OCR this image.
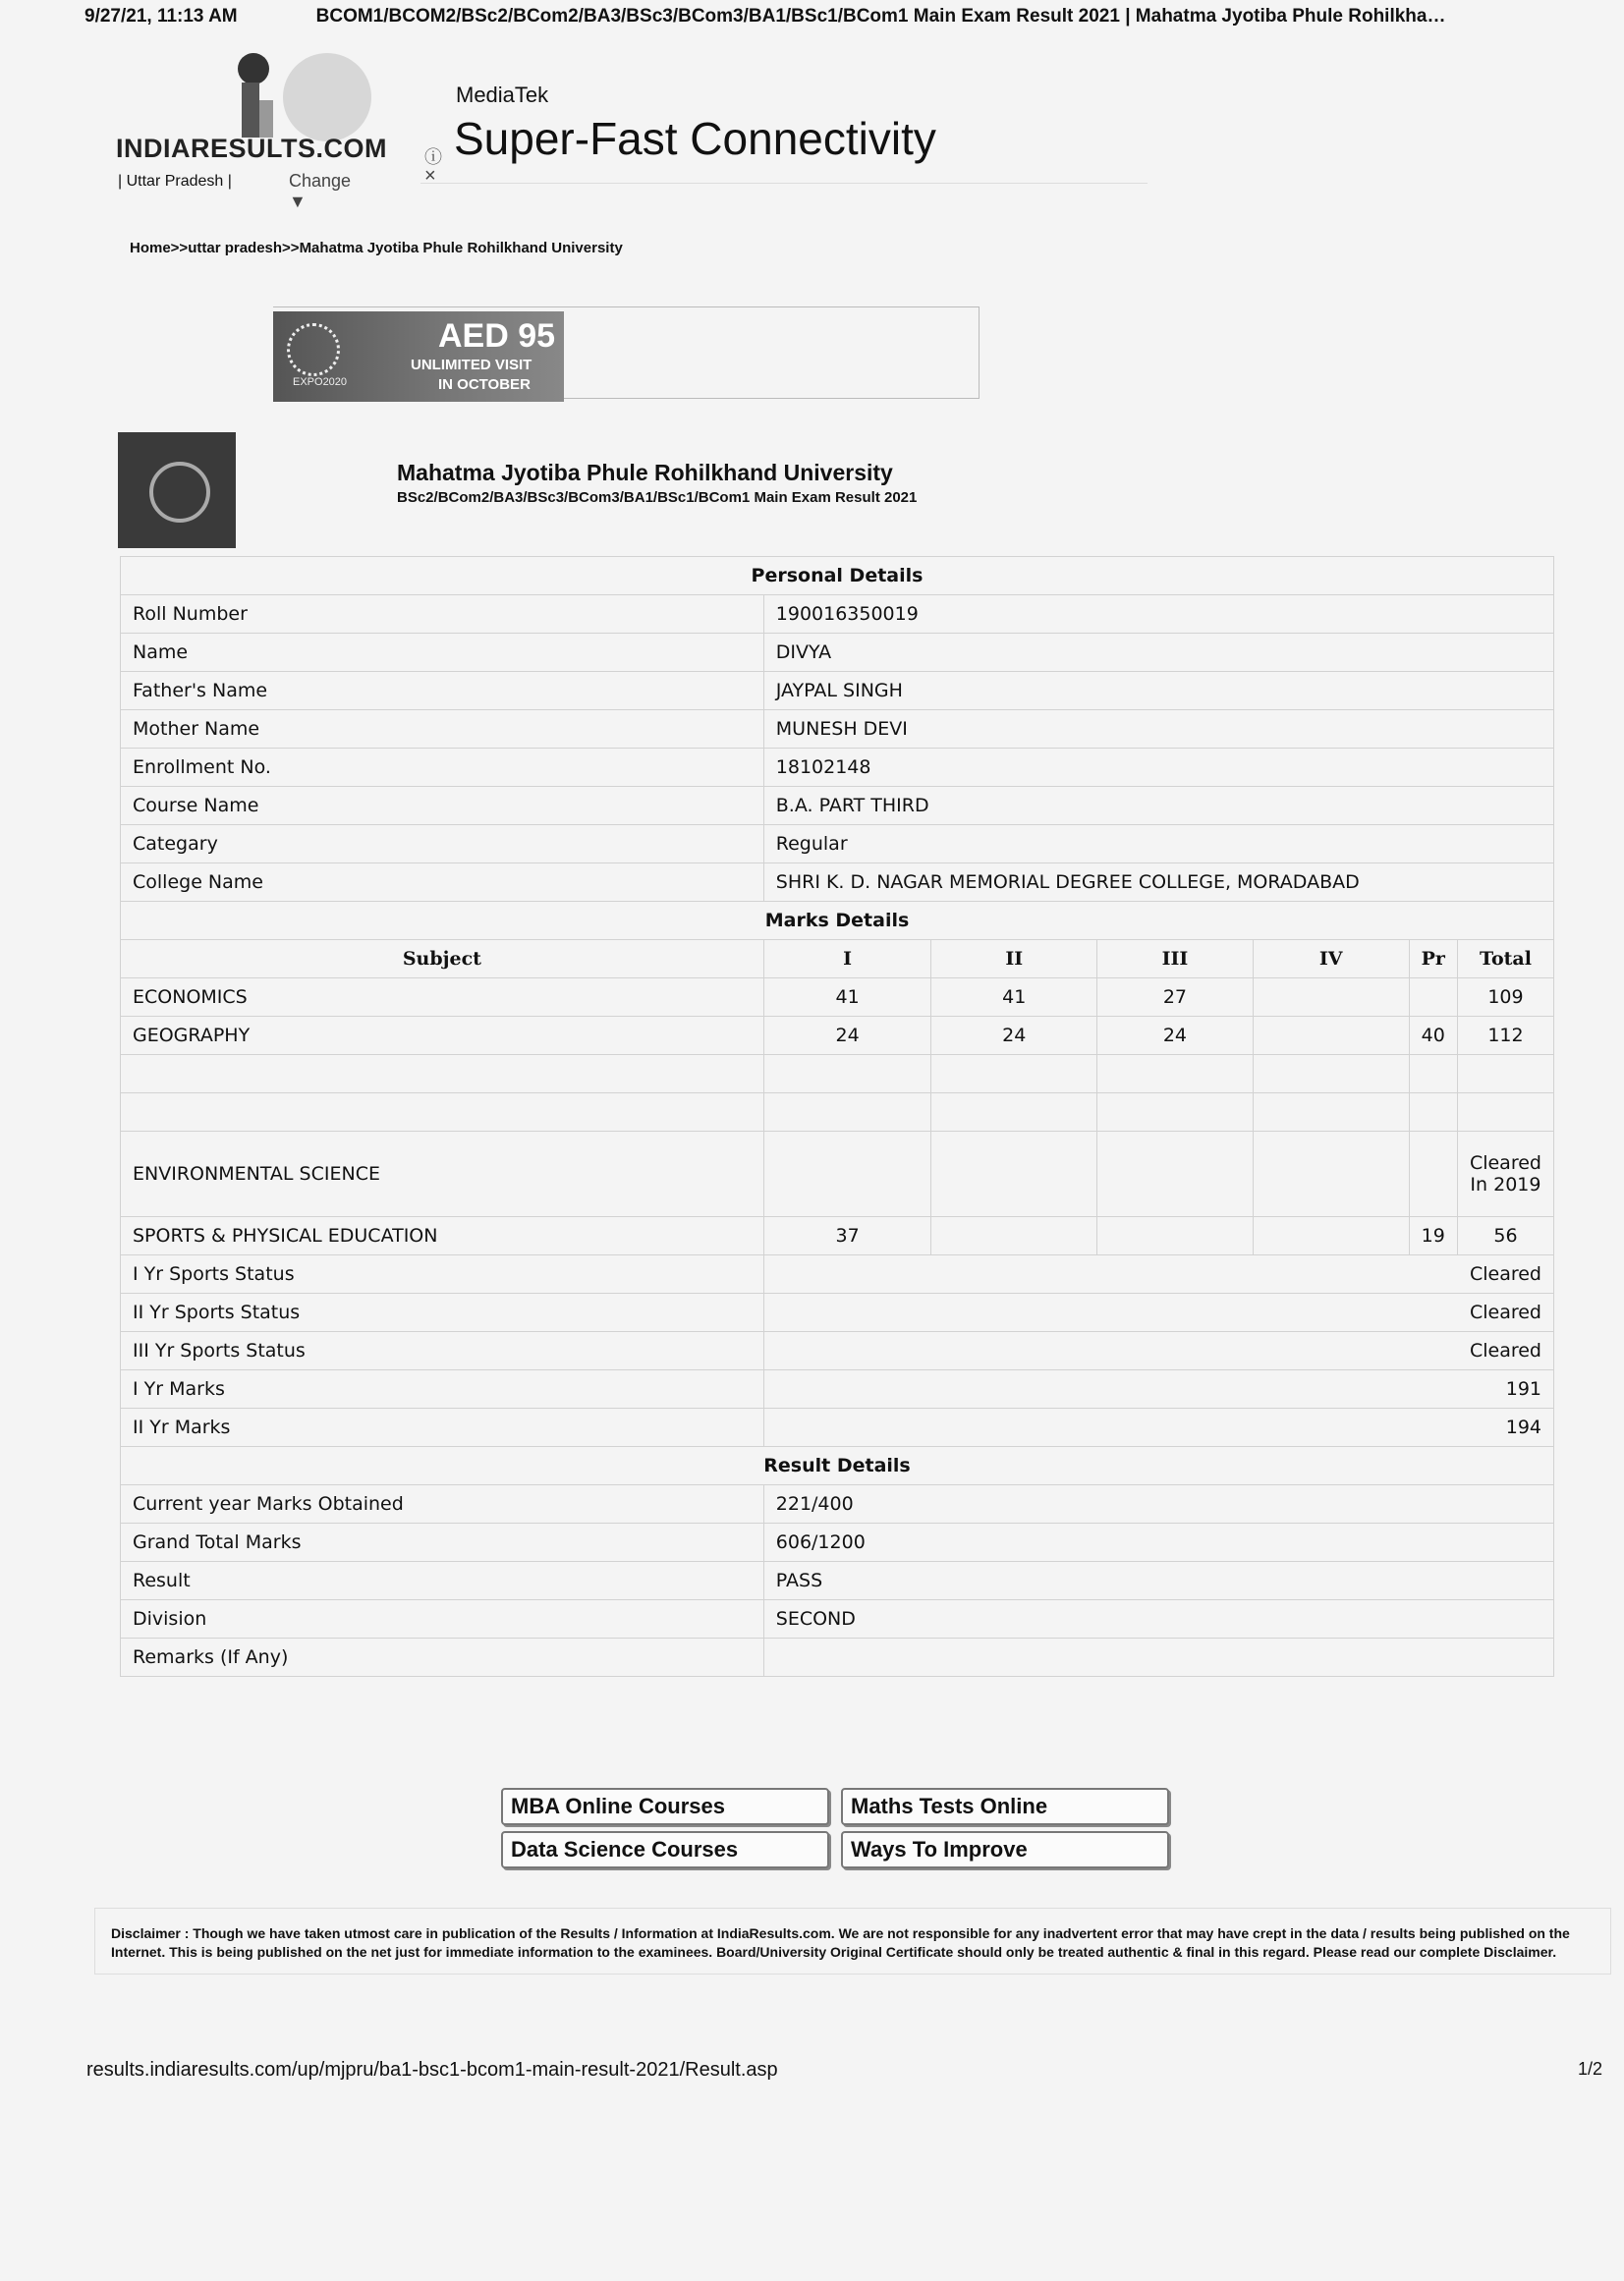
9/27/21, 11:13 AM	BCOM1/BCOM2/BSc2/BCom2/BA3/BSc3/BCom3/BA1/BSc1/BCom1 Main Exam Result 2021 | Mahatma Jyotiba Phule Rohilkha…
INDIARESULTS.COM
| Uttar Pradesh |	Change ▼
MediaTek
Super-Fast Connectivity
ⓘ
×
Home>>uttar pradesh>>Mahatma Jyotiba Phule Rohilkhand University
EXPO2020
AED 95
UNLIMITED VISIT
IN OCTOBER
Mahatma Jyotiba Phule Rohilkhand University
BSc2/BCom2/BA3/BSc3/BCom3/BA1/BSc1/BCom1 Main Exam Result 2021
Personal Details						
Roll Number	190016350019					
Name	DIVYA					
Father's Name	JAYPAL SINGH					
Mother Name	MUNESH DEVI					
Enrollment No.	18102148					
Course Name	B.A. PART THIRD					
Categary	Regular					
College Name	SHRI K. D. NAGAR MEMORIAL DEGREE COLLEGE, MORADABAD					
Marks Details						
Subject	I	II	III	IV	Pr	Total
ECONOMICS	41	41	27			109
GEOGRAPHY	24	24	24		40	112

ENVIRONMENTAL SCIENCE						Cleared In 2019
SPORTS & PHYSICAL EDUCATION	37				19	56
I Yr Sports Status	Cleared					
II Yr Sports Status	Cleared					
III Yr Sports Status	Cleared					
I Yr Marks	191					
II Yr Marks	194					
Result Details						
Current year Marks Obtained	221/400					
Grand Total Marks	606/1200					
Result	PASS					
Division	SECOND					
Remarks (If Any)						
MBA Online Courses	Maths Tests Online
Data Science Courses	Ways To Improve
Disclaimer : Though we have taken utmost care in publication of the Results / Information at IndiaResults.com. We are not responsible for any inadvertent error that may have crept in the data / results being published on the Internet. This is being published on the net just for immediate information to the examinees. Board/University Original Certificate should only be treated authentic & final in this regard. Please read our complete Disclaimer.
results.indiaresults.com/up/mjpru/ba1-bsc1-bcom1-main-result-2021/Result.asp	1/2
